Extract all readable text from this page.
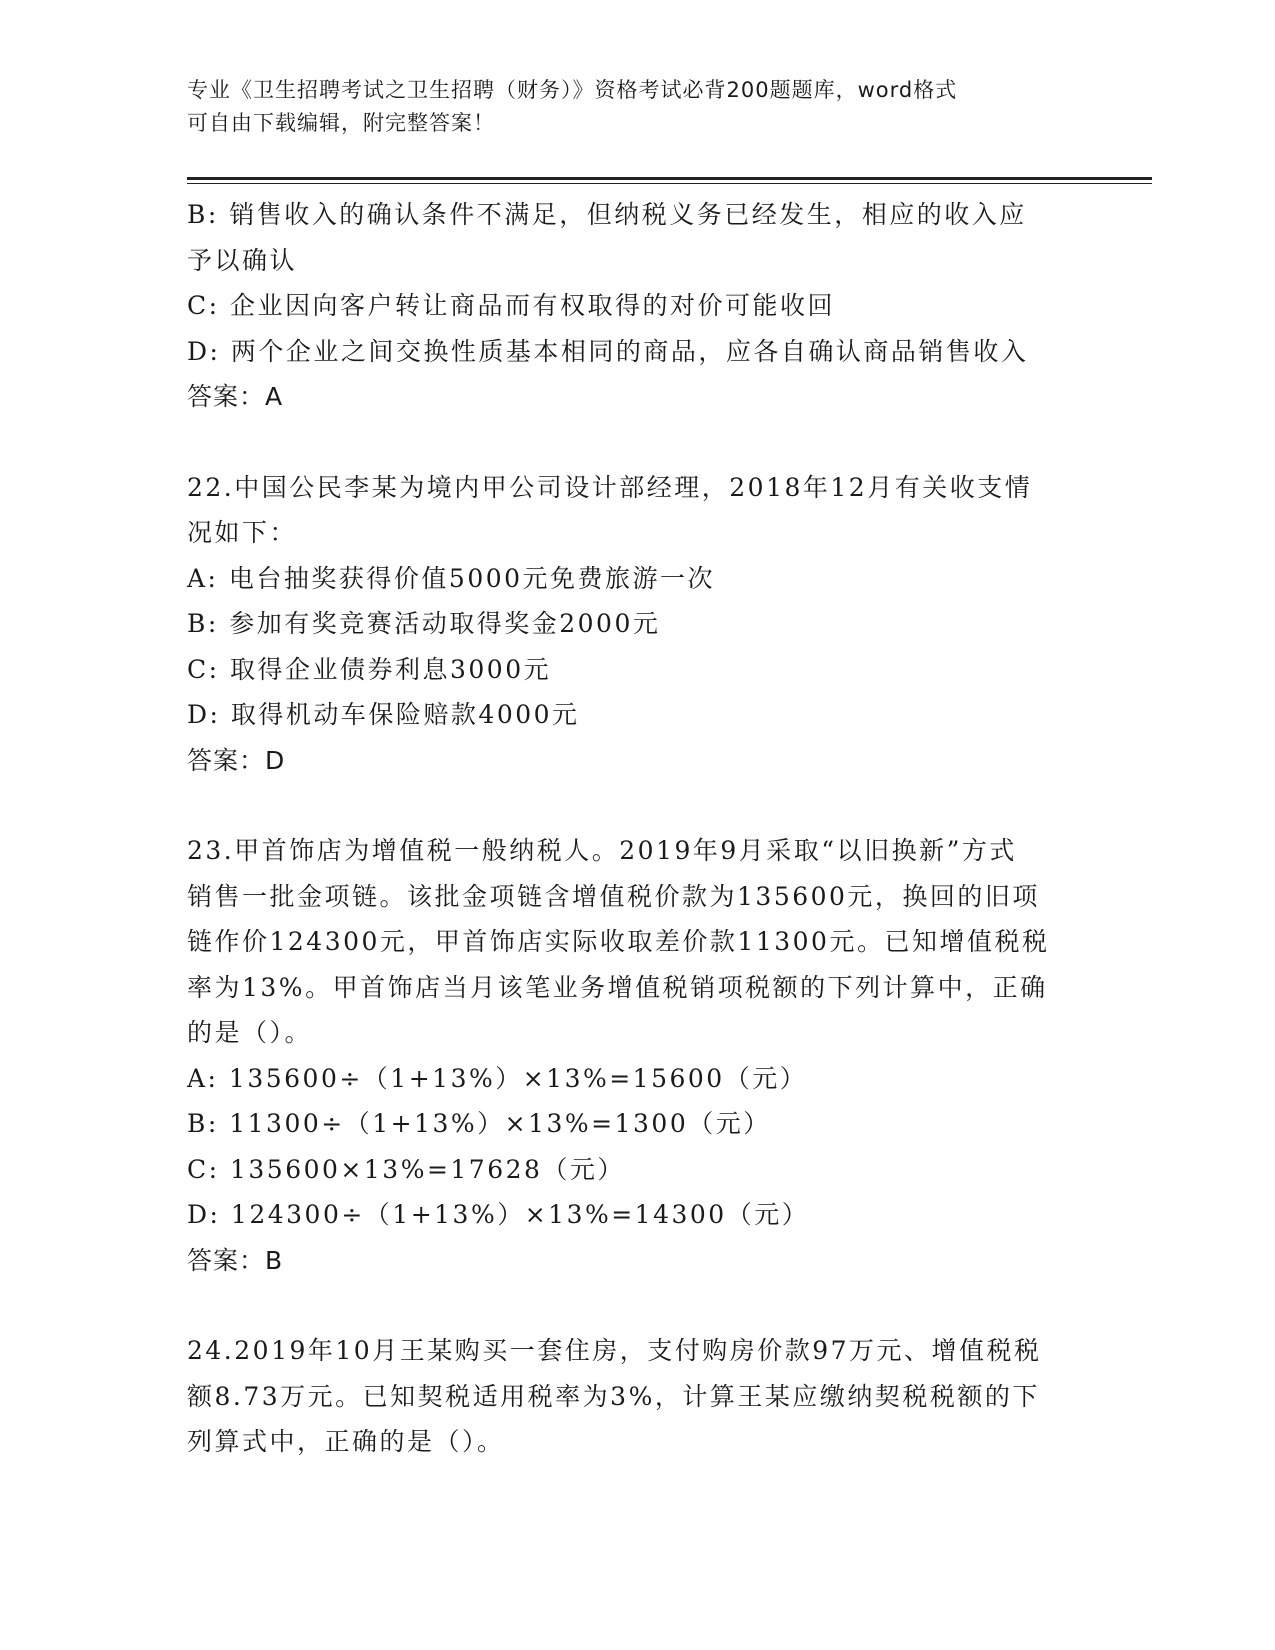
专业《卫生招聘考试之卫生招聘（财务）》资格考试必背200题题库，word格式
可自由下载编辑，附完整答案！
B: 销售收入的确认条件不满足，但纳税义务已经发生，相应的收入应
予以确认
C: 企业因向客户转让商品而有权取得的对价可能收回
D: 两个企业之间交换性质基本相同的商品，应各自确认商品销售收入
答案：A
22.中国公民李某为境内甲公司设计部经理，2018年12月有关收支情
况如下：
A: 电台抽奖获得价值5000元免费旅游一次
B: 参加有奖竞赛活动取得奖金2000元
C: 取得企业债券利息3000元
D: 取得机动车保险赔款4000元
答案：D
23.甲首饰店为增值税一般纳税人。2019年9月采取“以旧换新”方式
销售一批金项链。该批金项链含增值税价款为135600元，换回的旧项
链作价124300元，甲首饰店实际收取差价款11300元。已知增值税税
率为13%。甲首饰店当月该笔业务增值税销项税额的下列计算中，正确
的是（）。
A: 135600÷（1+13%）×13%=15600（元）
B: 11300÷（1+13%）×13%=1300（元）
C: 135600×13%=17628（元）
D: 124300÷（1+13%）×13%=14300（元）
答案：B
24.2019年10月王某购买一套住房，支付购房价款97万元、增值税税
额8.73万元。已知契税适用税率为3%，计算王某应缴纳契税税额的下
列算式中，正确的是（）。
